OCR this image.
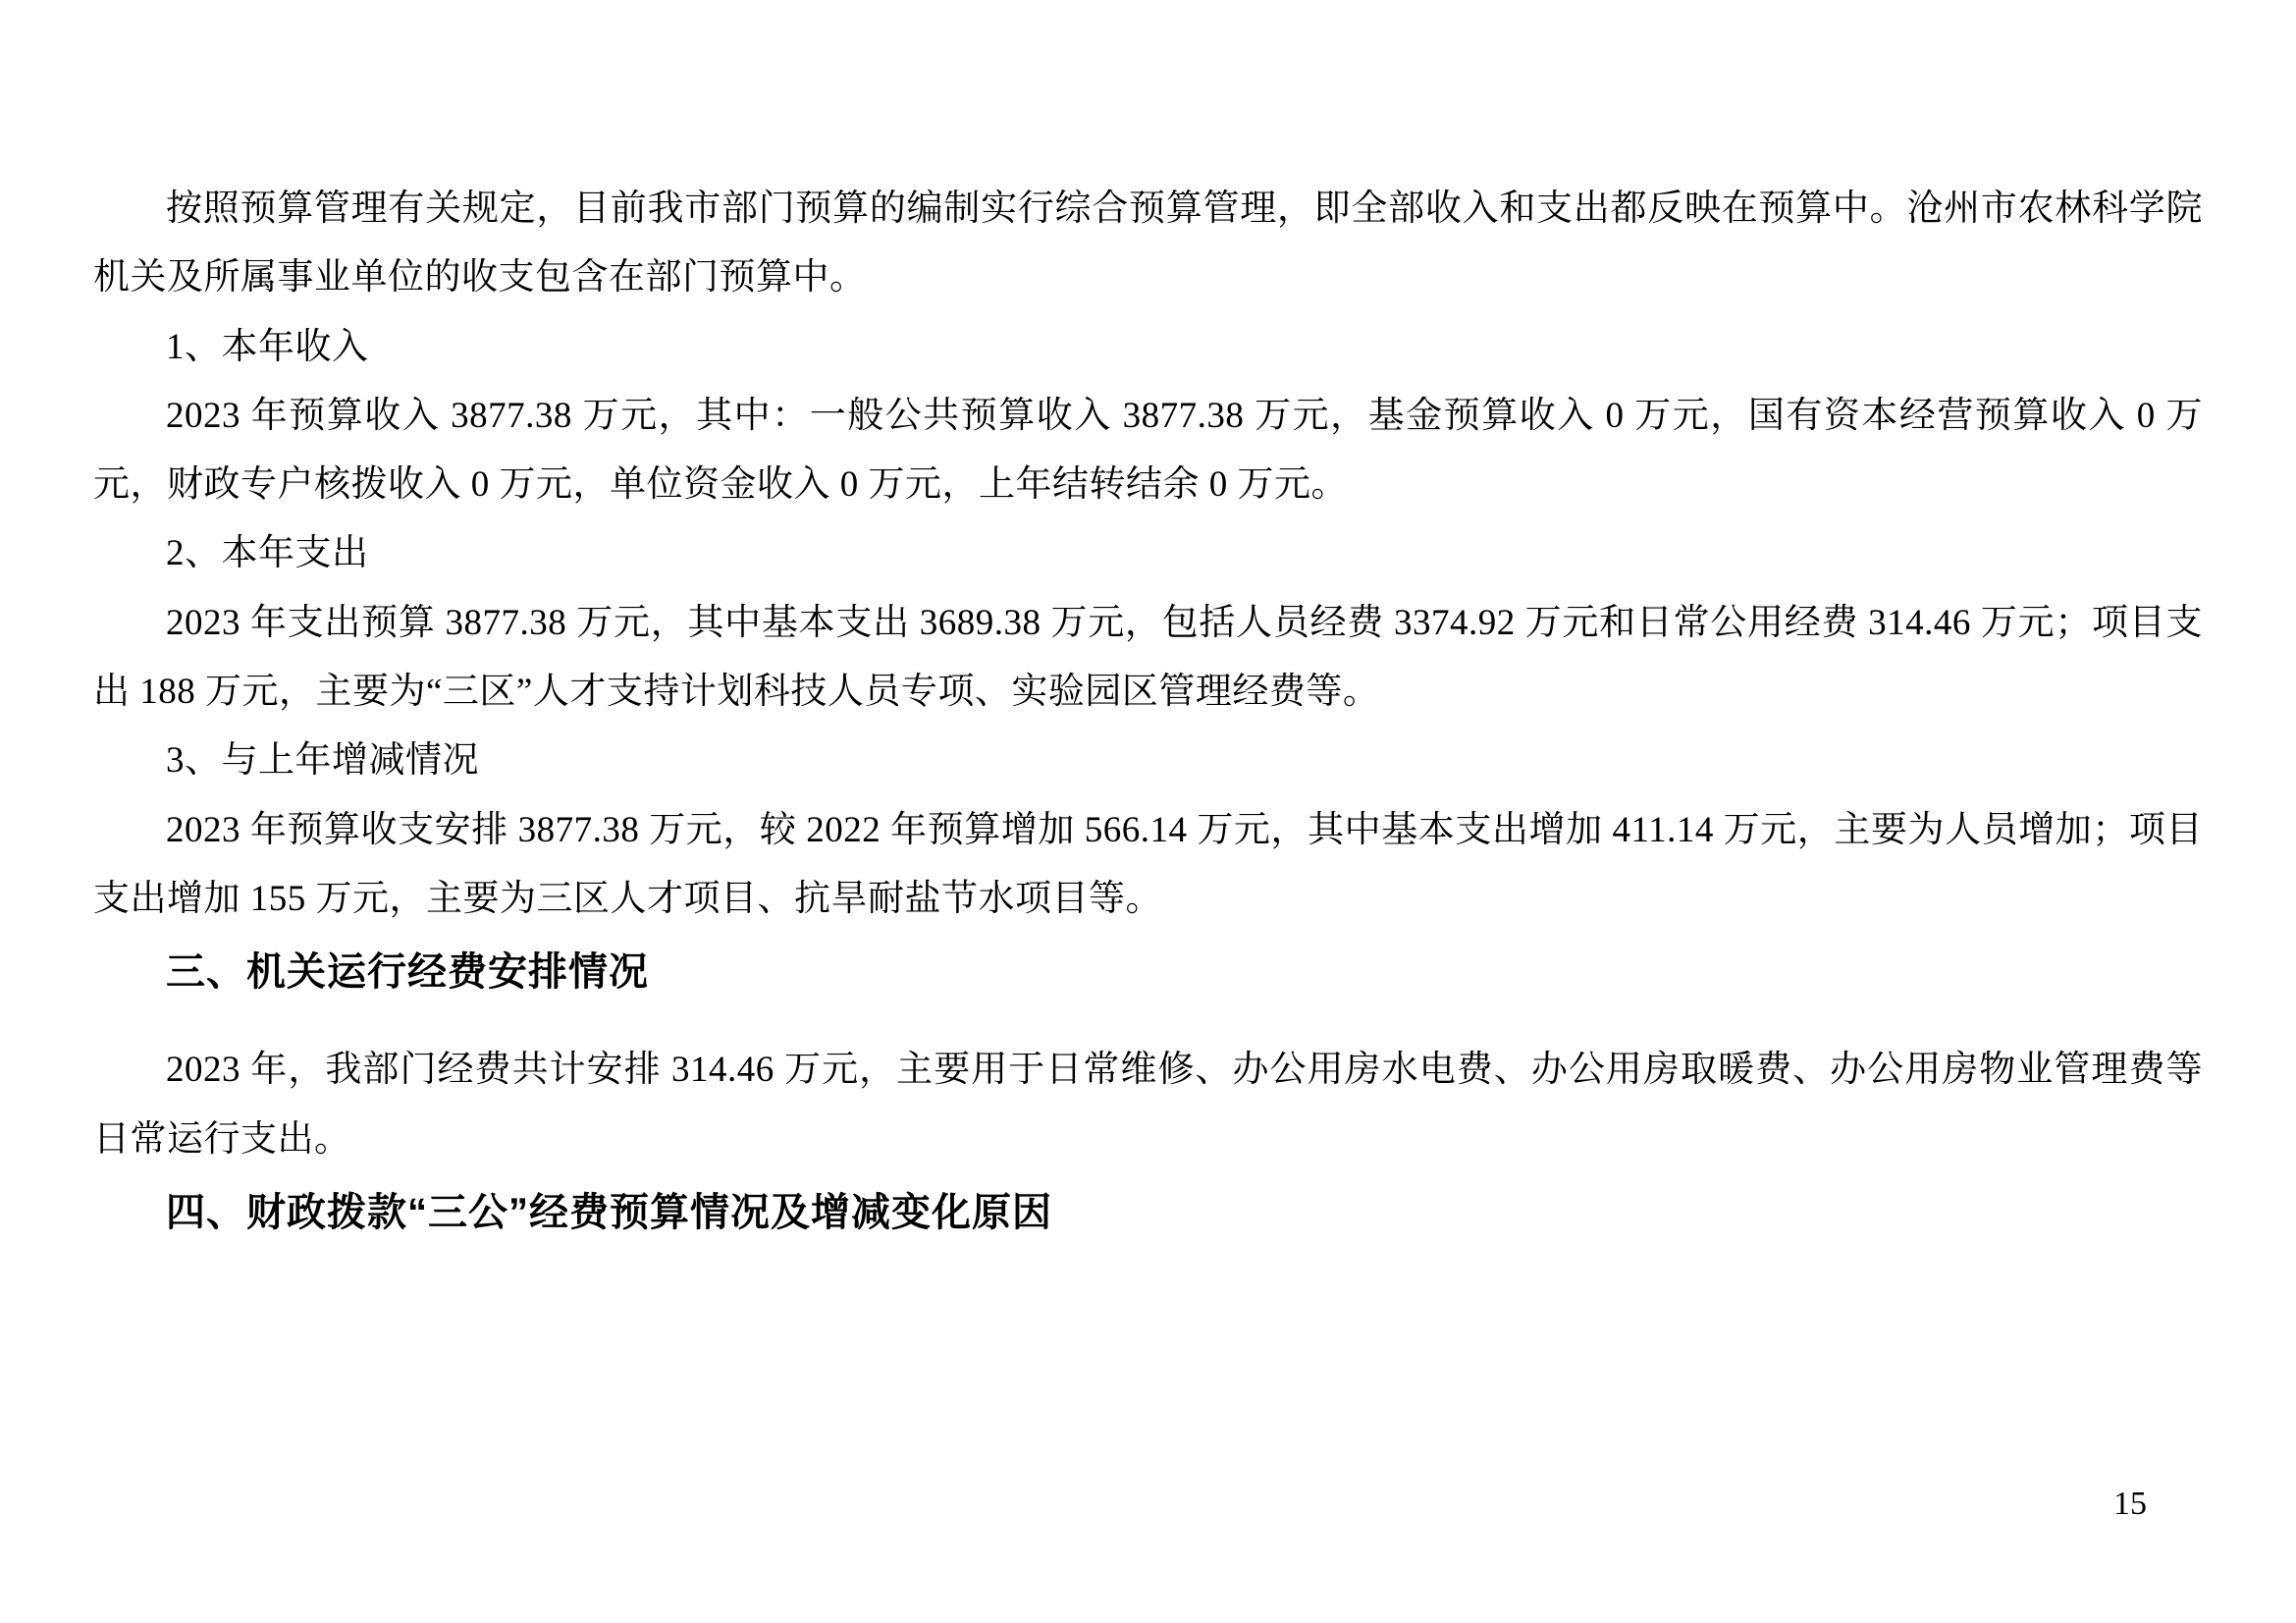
按照预算管理有关规定，目前我市部门预算的编制实行综合预算管理，即全部收入和支出都反映在预算中。沧州市农林科学院机关及所属事业单位的收支包含在部门预算中。

1、本年收入

2023 年预算收入 3877.38 万元，其中：一般公共预算收入 3877.38 万元，基金预算收入 0 万元，国有资本经营预算收入 0 万元，财政专户核拨收入 0 万元，单位资金收入 0 万元，上年结转结余 0 万元。

2、本年支出

2023 年支出预算 3877.38 万元，其中基本支出 3689.38 万元，包括人员经费 3374.92 万元和日常公用经费 314.46 万元；项目支出 188 万元，主要为“三区”人才支持计划科技人员专项、实验园区管理经费等。

3、与上年增减情况

2023 年预算收支安排 3877.38 万元，较 2022 年预算增加 566.14 万元，其中基本支出增加 411.14 万元，主要为人员增加；项目支出增加 155 万元，主要为三区人才项目、抗旱耐盐节水项目等。

三、机关运行经费安排情况

2023 年，我部门经费共计安排 314.46 万元，主要用于日常维修、办公用房水电费、办公用房取暖费、办公用房物业管理费等日常运行支出。

四、财政拨款“三公”经费预算情况及增减变化原因
15
